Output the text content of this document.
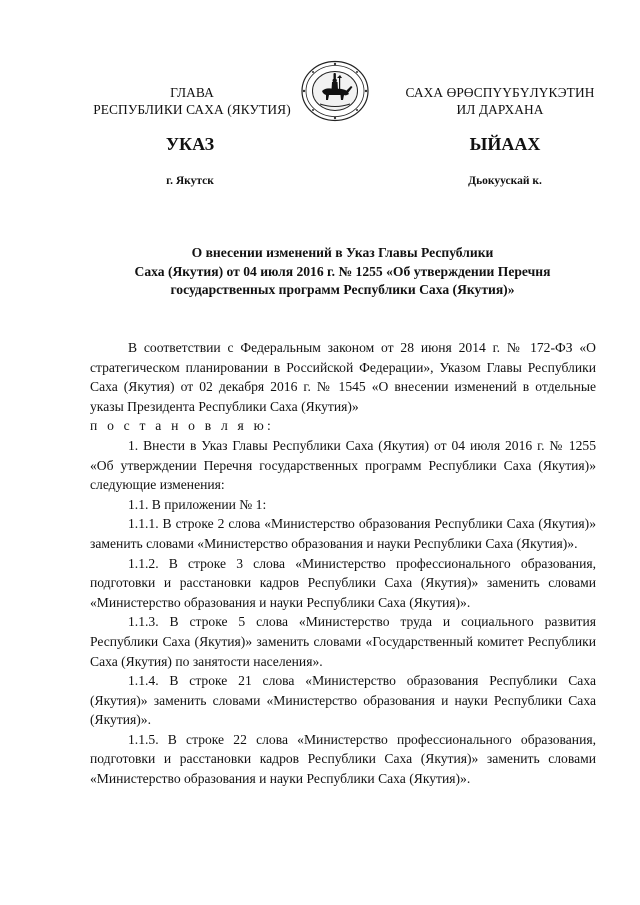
ГЛАВА
РЕСПУБЛИКИ САХА (ЯКУТИЯ)
САХА ӨРӨСПҮҮБҮЛҮКЭТИН
ИЛ ДАРХАНА
УКАЗ	ЫЙААХ
г. Якутск	Дьокуускай к.
О внесении изменений в Указ Главы Республики
Саха (Якутия) от 04 июля 2016 г. № 1255 «Об утверждении Перечня
государственных программ Республики Саха (Якутия)»

В соответствии с Федеральным законом от 28 июня 2014 г. № 172-ФЗ «О стратегическом планировании в Российской Федерации», Указом Главы Республики Саха (Якутия) от 02 декабря 2016 г. № 1545 «О внесении изменений в отдельные указы Президента Республики Саха (Якутия)»

п о с т а н о в л я ю:

1. Внести в Указ Главы Республики Саха (Якутия) от 04 июля 2016 г. № 1255 «Об утверждении Перечня государственных программ Республики Саха (Якутия)» следующие изменения:

1.1. В приложении № 1:

1.1.1. В строке 2 слова «Министерство образования Республики Саха (Якутия)» заменить словами «Министерство образования и науки Республики Саха (Якутия)».

1.1.2. В строке 3 слова «Министерство профессионального образования, подготовки и расстановки кадров Республики Саха (Якутия)» заменить словами «Министерство образования и науки Республики Саха (Якутия)».

1.1.3. В строке 5 слова «Министерство труда и социального развития Республики Саха (Якутия)» заменить словами «Государственный комитет Республики Саха (Якутия) по занятости населения».

1.1.4. В строке 21 слова «Министерство образования Республики Саха (Якутия)» заменить словами «Министерство образования и науки Республики Саха (Якутия)».

1.1.5. В строке 22 слова «Министерство профессионального образования, подготовки и расстановки кадров Республики Саха (Якутия)» заменить словами «Министерство образования и науки Республики Саха (Якутия)».
